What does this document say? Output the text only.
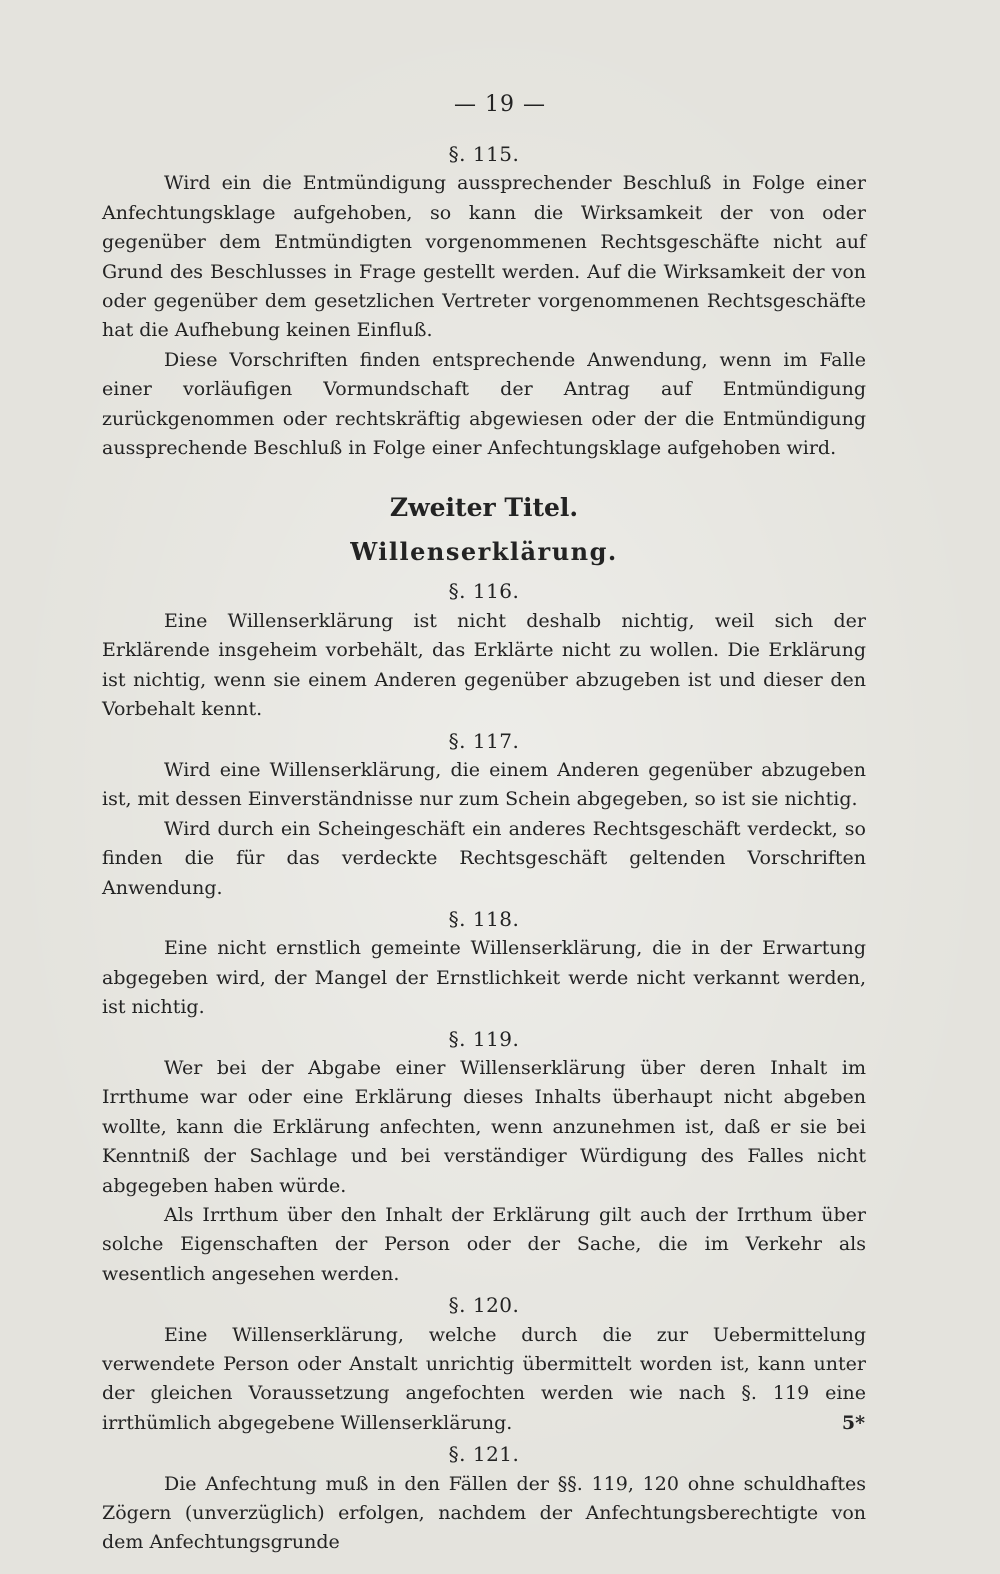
— 19 —
§. 115.

Wird ein die Entmündigung aussprechender Beschluß in Folge einer Anfechtungsklage aufgehoben, so kann die Wirksamkeit der von oder gegenüber dem Entmündigten vorgenommenen Rechtsgeschäfte nicht auf Grund des Beschlusses in Frage gestellt werden. Auf die Wirksamkeit der von oder gegenüber dem gesetzlichen Vertreter vorgenommenen Rechtsgeschäfte hat die Aufhebung keinen Einfluß.

Diese Vorschriften finden entsprechende Anwendung, wenn im Falle einer vorläufigen Vormundschaft der Antrag auf Entmündigung zurückgenommen oder rechtskräftig abgewiesen oder der die Entmündigung aussprechende Beschluß in Folge einer Anfechtungsklage aufgehoben wird.

Zweiter Titel.
Willenserklärung.
§. 116.

Eine Willenserklärung ist nicht deshalb nichtig, weil sich der Erklärende insgeheim vorbehält, das Erklärte nicht zu wollen. Die Erklärung ist nichtig, wenn sie einem Anderen gegenüber abzugeben ist und dieser den Vorbehalt kennt.

§. 117.

Wird eine Willenserklärung, die einem Anderen gegenüber abzugeben ist, mit dessen Einverständnisse nur zum Schein abgegeben, so ist sie nichtig.

Wird durch ein Scheingeschäft ein anderes Rechtsgeschäft verdeckt, so finden die für das verdeckte Rechtsgeschäft geltenden Vorschriften Anwendung.

§. 118.

Eine nicht ernstlich gemeinte Willenserklärung, die in der Erwartung abgegeben wird, der Mangel der Ernstlichkeit werde nicht verkannt werden, ist nichtig.

§. 119.

Wer bei der Abgabe einer Willenserklärung über deren Inhalt im Irrthume war oder eine Erklärung dieses Inhalts überhaupt nicht abgeben wollte, kann die Erklärung anfechten, wenn anzunehmen ist, daß er sie bei Kenntniß der Sachlage und bei verständiger Würdigung des Falles nicht abgegeben haben würde.

Als Irrthum über den Inhalt der Erklärung gilt auch der Irrthum über solche Eigenschaften der Person oder der Sache, die im Verkehr als wesentlich angesehen werden.

§. 120.

Eine Willenserklärung, welche durch die zur Uebermittelung verwendete Person oder Anstalt unrichtig übermittelt worden ist, kann unter der gleichen Voraussetzung angefochten werden wie nach §. 119 eine irrthümlich abgegebene Willenserklärung.

§. 121.

Die Anfechtung muß in den Fällen der §§. 119, 120 ohne schuldhaftes Zögern (unverzüglich) erfolgen, nachdem der Anfechtungsberechtigte von dem Anfechtungsgrunde

5*
